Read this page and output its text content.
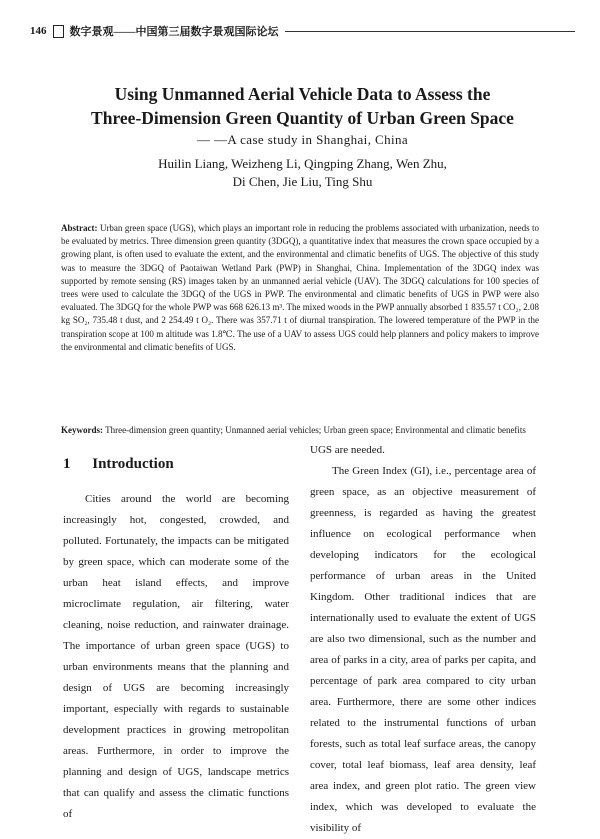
146 数字景观——中国第三届数字景观国际论坛
Using Unmanned Aerial Vehicle Data to Assess the
Three-Dimension Green Quantity of Urban Green Space
— —A case study in Shanghai, China
Huilin Liang, Weizheng Li, Qingping Zhang, Wen Zhu,
Di Chen, Jie Liu, Ting Shu
Abstract: Urban green space (UGS), which plays an important role in reducing the problems associated with urbanization, needs to be evaluated by metrics. Three dimension green quantity (3DGQ), a quantitative index that measures the crown space occupied by a growing plant, is often used to evaluate the extent, and the environmental and climatic benefits of UGS. The objective of this study was to measure the 3DGQ of Paotaiwan Wetland Park (PWP) in Shanghai, China. Implementation of the 3DGQ index was supported by remote sensing (RS) images taken by an unmanned aerial vehicle (UAV). The 3DGQ calculations for 100 species of trees were used to calculate the 3DGQ of the UGS in PWP. The environmental and climatic benefits of UGS in PWP were also evaluated. The 3DGQ for the whole PWP was 668 626.13 m³. The mixed woods in the PWP annually absorbed 1 835.57 t CO₂, 2.08 kg SO₂, 735.48 t dust, and 2 254.49 t O₂. There was 357.71 t of diurnal transpiration. The lowered temperature of the PWP in the transpiration scope at 100 m altitude was 1.8℃. The use of a UAV to assess UGS could help planners and policy makers to improve the environmental and climatic benefits of UGS.
Keywords: Three-dimension green quantity; Unmanned aerial vehicles; Urban green space; Environmental and climatic benefits
1 Introduction
Cities around the world are becoming increasingly hot, congested, crowded, and polluted. Fortunately, the impacts can be mitigated by green space, which can moderate some of the urban heat island effects, and improve microclimate regulation, air filtering, water cleaning, noise reduction, and rainwater drainage. The importance of urban green space (UGS) to urban environments means that the planning and design of UGS are becoming increasingly important, especially with regards to sustainable development practices in growing metropolitan areas. Furthermore, in order to improve the planning and design of UGS, landscape metrics that can qualify and assess the climatic functions of
UGS are needed.
The Green Index (GI), i.e., percentage area of green space, as an objective measurement of greenness, is regarded as having the greatest influence on ecological performance when developing indicators for the ecological performance of urban areas in the United Kingdom. Other traditional indices that are internationally used to evaluate the extent of UGS are also two dimensional, such as the number and area of parks in a city, area of parks per capita, and percentage of park area compared to city urban area. Furthermore, there are some other indices related to the instrumental functions of urban forests, such as total leaf surface areas, the canopy cover, total leaf biomass, leaf area density, leaf area index, and green plot ratio. The green view index, which was developed to evaluate the visibility of
